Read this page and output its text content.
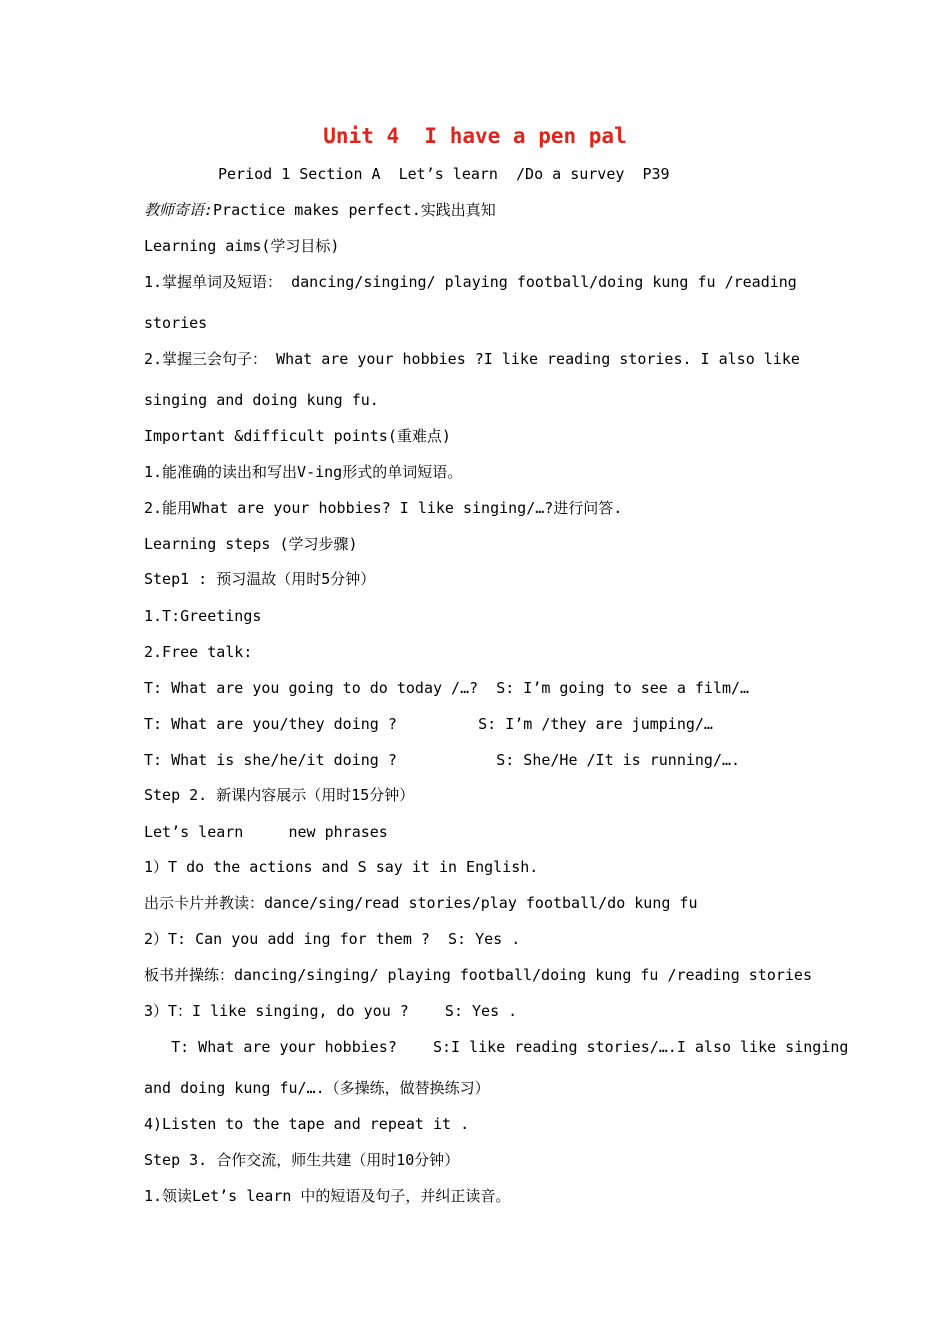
Unit 4  I have a pen pal
Period 1 Section A  Let’s learn  /Do a survey  P39
教师寄语:Practice makes perfect.实践出真知
Learning aims(学习目标)
1.掌握单词及短语： dancing/singing/ playing football/doing kung fu /reading
stories
2.掌握三会句子： What are your hobbies ?I like reading stories. I also like
singing and doing kung fu.
Important &difficult points(重难点)
1.能准确的读出和写出V-ing形式的单词短语。
2.能用What are your hobbies? I like singing/…?进行问答.
Learning steps (学习步骤)
Step1 : 预习温故（用时5分钟）
1.T:Greetings
2.Free talk:
T: What are you going to do today /…?  S: I’m going to see a film/…
T: What are you/they doing ?         S: I’m /they are jumping/…
T: What is she/he/it doing ?           S: She/He /It is running/….
Step 2. 新课内容展示（用时15分钟）
Let’s learn     new phrases
1）T do the actions and S say it in English.
出示卡片并教读：dance/sing/read stories/play football/do kung fu
2）T: Can you add ing for them ?  S: Yes .
板书并操练：dancing/singing/ playing football/doing kung fu /reading stories
3）T：I like singing, do you ?    S: Yes .
T: What are your hobbies?    S:I like reading stories/….I also like singing
and doing kung fu/….（多操练，做替换练习）
4)Listen to the tape and repeat it .
Step 3. 合作交流，师生共建（用时10分钟）
1.领读Let’s learn 中的短语及句子，并纠正读音。
